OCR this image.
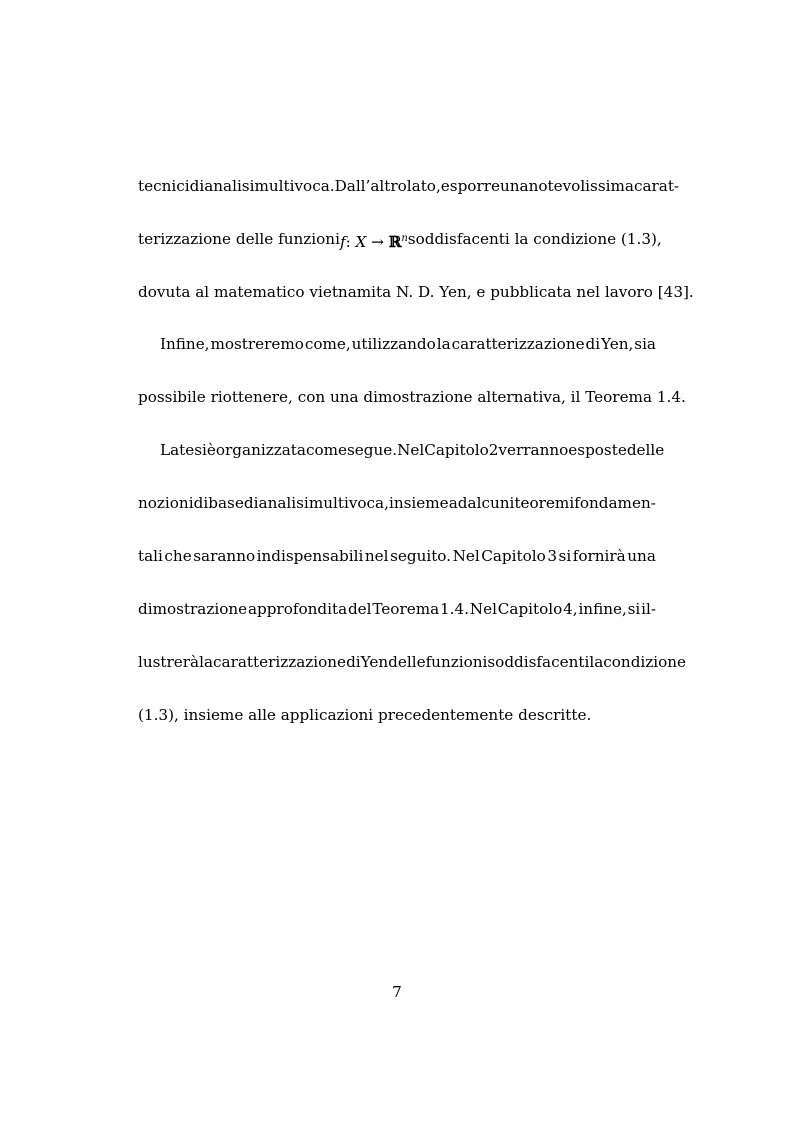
tecnici di analisi multivoca. Dall’altro lato, esporre una notevolissima carat-
terizzazione delle funzioni f: X → ℝ$^n$ soddisfacenti la condizione (1.3),
dovuta al matematico vietnamita N. D. Yen, e pubblicata nel lavoro [43].
Infine, mostreremo come, utilizzando la caratterizzazione di Yen, sia
possibile riottenere, con una dimostrazione alternativa, il Teorema 1.4.
La tesi è organizzata come segue. Nel Capitolo 2 verranno esposte delle
nozioni di base di analisi multivoca, insieme ad alcuni teoremi fondamen-
tali che saranno indispensabili nel seguito. Nel Capitolo 3 si fornirà una
dimostrazione approfondita del Teorema 1.4. Nel Capitolo 4, infine, si il-
lustrerà la caratterizzazione di Yen delle funzioni soddisfacenti la condizione
(1.3), insieme alle applicazioni precedentemente descritte.
7
